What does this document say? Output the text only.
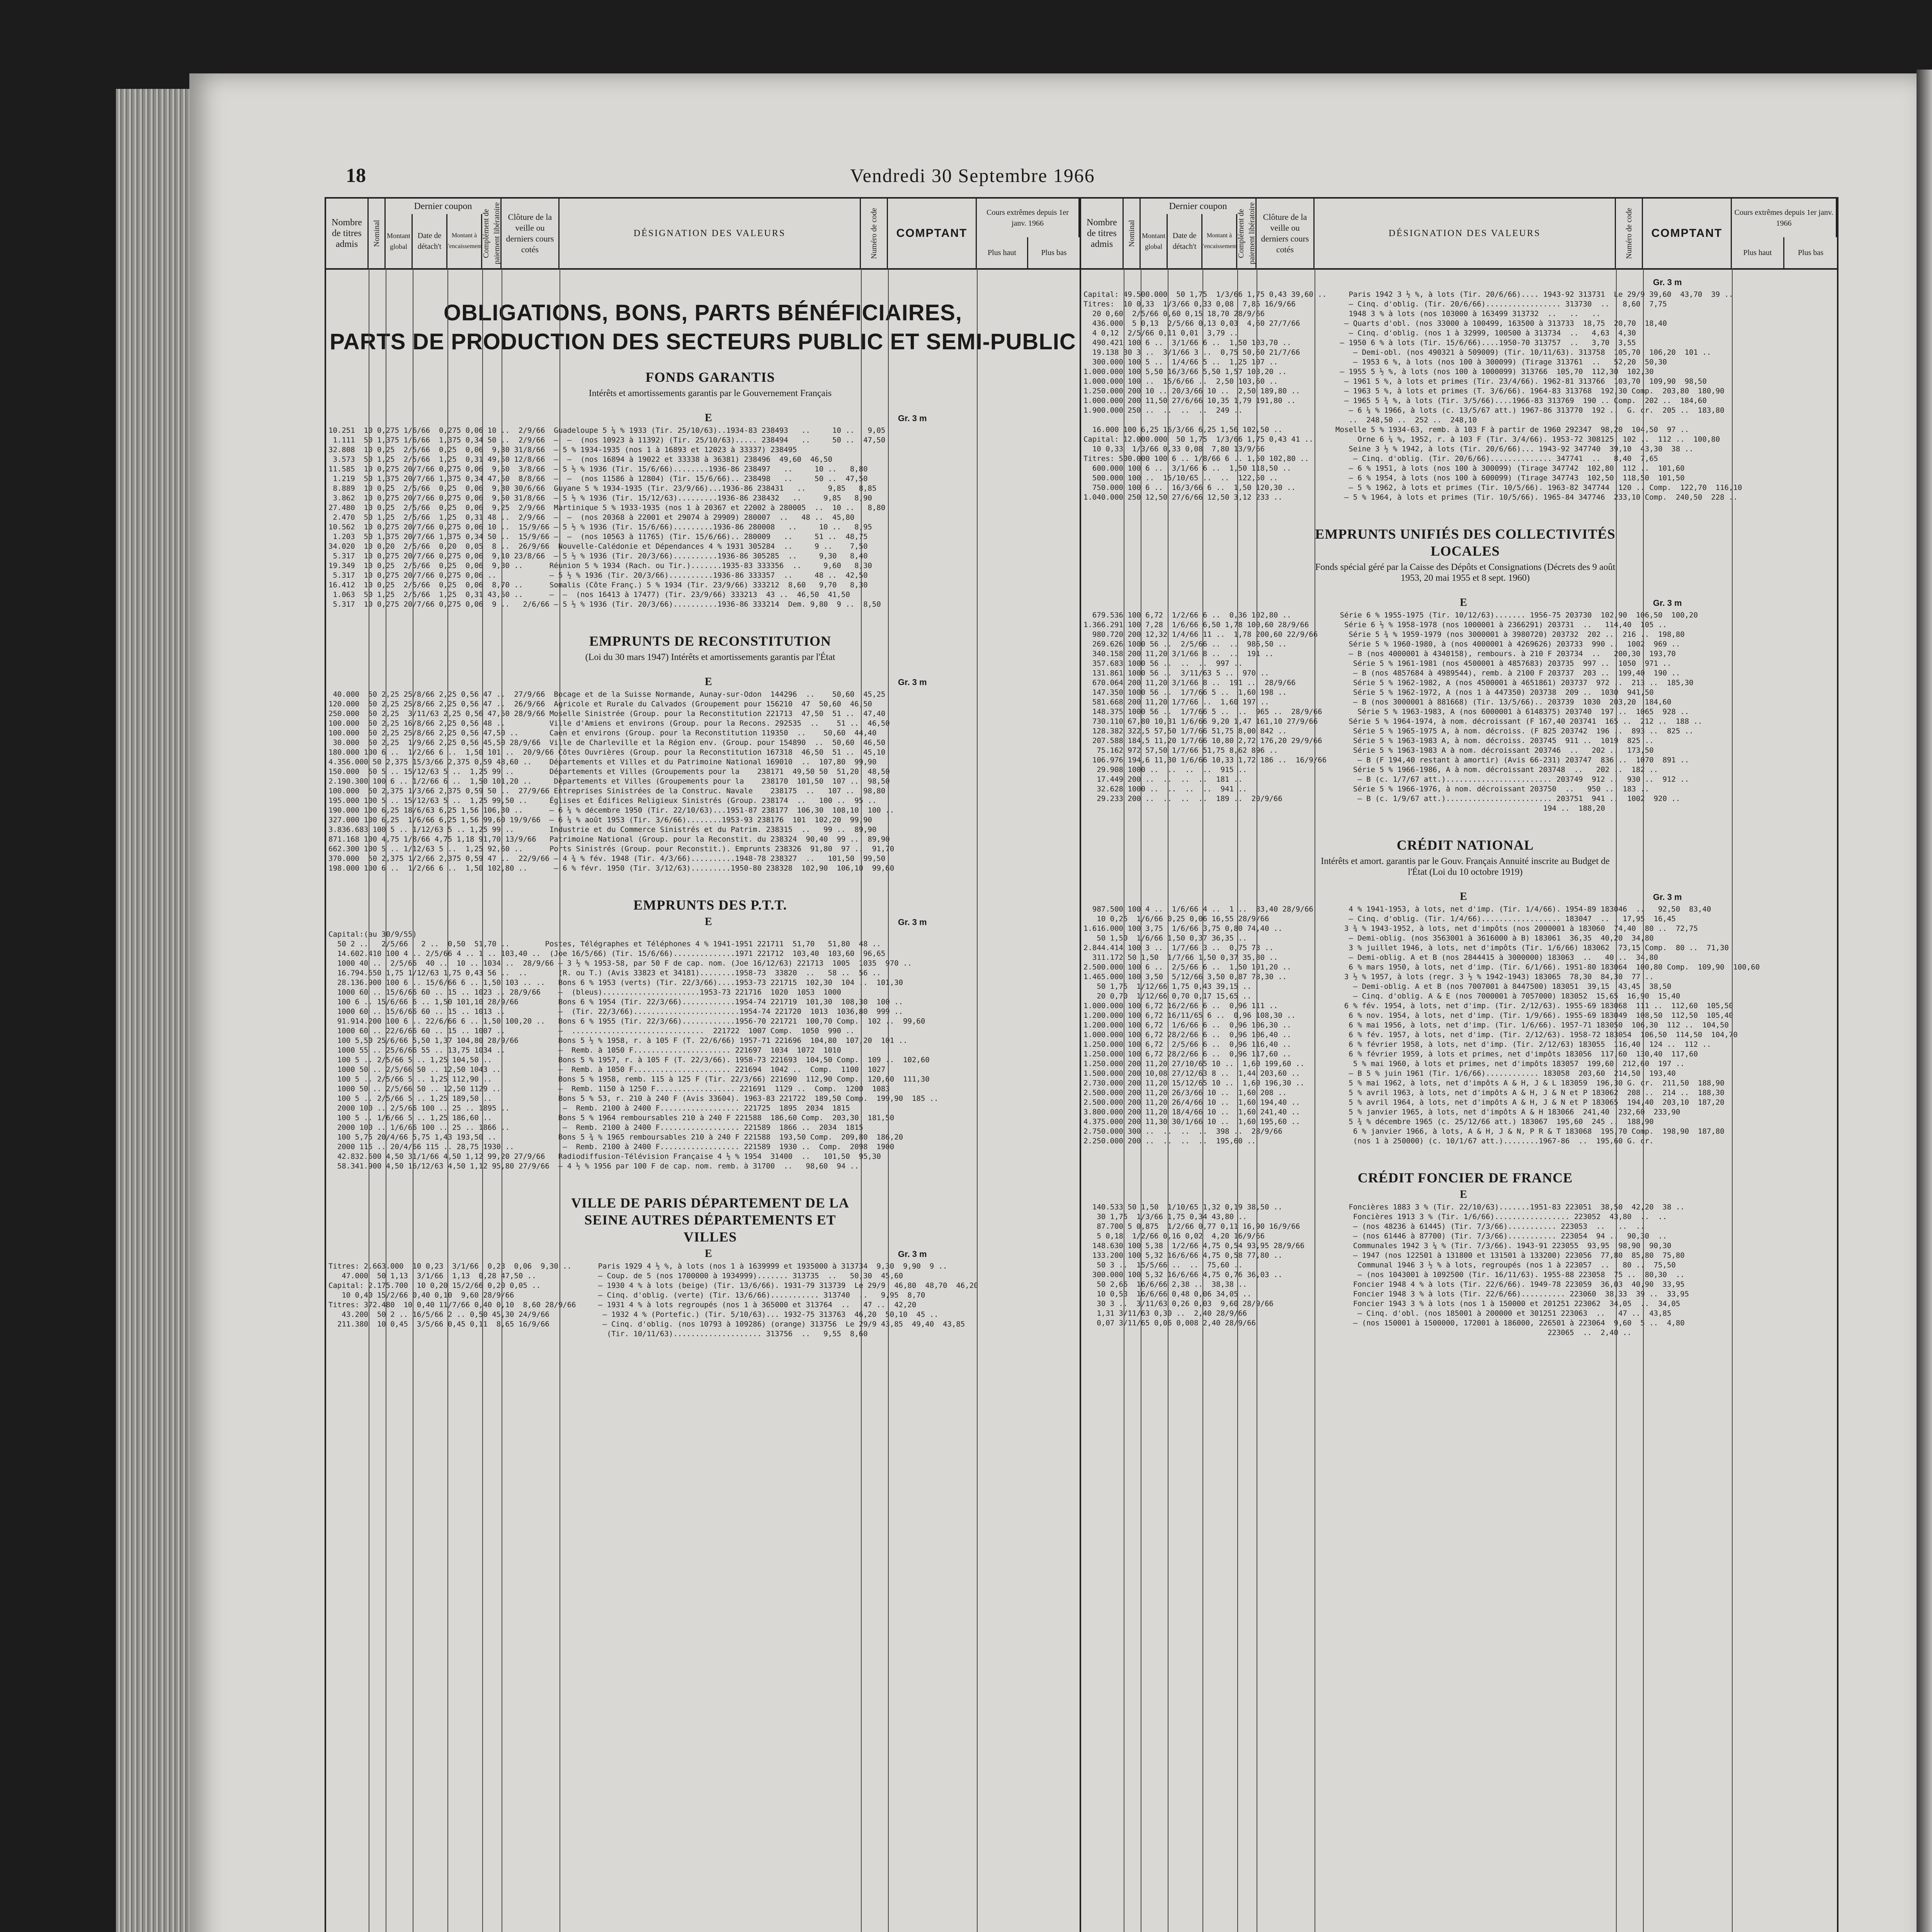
18	Vendredi 30 Septembre 1966
Nombre de titres admis	Nominal
Dernier coupon
Montant global
Date de détach't
Montant à l'encaissement
Complément de paiement libératoire Clôture de la veille ou derniers cours cotés
DÉSIGNATION DES VALEURS	Numéro de code	COMPTANT
Cours extrêmes depuis 1er janv. 1966
Plus haut	Plus bas
OBLIGATIONS, BONS, PARTS BÉNÉFICIAIRES,
PARTS DE PRODUCTION DES SECTEURS PUBLIC ET SEMI-PUBLIC
FONDS GARANTIS
Intérêts et amortissements garantis par le Gouvernement Français
E	Gr. 3 m
10.251  10 0,275 1/6/66  0,275 0,06 10 ..  2/9/66  Guadeloupe 5 ¼ % 1933 (Tir. 25/10/63)..1934-83 238493   ..     10 ..   9,05
1.111  50 1,375 1/6/66  1,375 0,34 50 ..  2/9/66  —  —  (nos 10923 à 11392) (Tir. 25/10/63)..... 238494   ..     50 ..  47,50
32.808  10 0,25  2/5/66  0,25  0,06  9,30 31/8/66  — 5 % 1934-1935 (nos 1 à 16893 et 12023 à 33337) 238495
3.573  50 1,25  2/5/66  1,25  0,31 49,50 12/8/66  —  —  (nos 16894 à 19022 et 33338 à 36381) 238496  49,60  46,50
11.585  10 0,275 20/7/66 0,275 0,06  9,50  3/8/66  — 5 ½ % 1936 (Tir. 15/6/66)........1936-86 238497   ..     10 ..   8,80
1.219  50 1,375 20/7/66 1,375 0,34 47,50  8/8/66  —  —  (nos 11586 à 12804) (Tir. 15/6/66).. 238498   ..     50 ..  47,50
8.889  10 0,25  2/5/66  0,25  0,06  9,30 30/6/66  Guyane 5 % 1934-1935 (Tir. 23/9/66)...1936-86 238431   ..     9,85   8,85
3.862  10 0,275 20/7/66 0,275 0,06  9,50 31/8/66  — 5 ½ % 1936 (Tir. 15/12/63).........1936-86 238432   ..     9,85   8,90
27.480  10 0,25  2/5/66  0,25  0,06  9,25  2/9/66  Martinique 5 % 1933-1935 (nos 1 à 20367 et 22002 à 280005  ..  10 ..   8,80
2.470  50 1,25  2/5/66  1,25  0,31 48 ..  2/9/66  —  —  (nos 20368 à 22001 et 29074 à 29909) 280007  ..   48 ..  45,80
10.562  10 0,275 20/7/66 0,275 0,06 10 ..  15/9/66 — 5 ½ % 1936 (Tir. 15/6/66).........1936-86 280008   ..     10 ..   8,95
1.203  50 1,375 20/7/66 1,375 0,34 50 ..  15/9/66 —  —  (nos 10563 à 11765) (Tir. 15/6/66).. 280009   ..     51 ..  48,75
34.020  10 0,20  2/5/66  0,20  0,05  8 ..  26/9/66  Nouvelle-Calédonie et Dépendances 4 % 1931 305284  ..     9 ..    7,50
5.317  10 0,275 20/7/66 0,275 0,06  9,10 23/8/66  — 5 ½ % 1936 (Tir. 20/3/66)..........1936-86 305285  ..     9,30   8,40
19.349  10 0,25  2/5/66  0,25  0,06  9,30 ..      Réunion 5 % 1934 (Rach. ou Tir.).......1935-83 333356  ..     9,60   8,30
5.317  10 0,275 20/7/66 0,275 0,06 ..            — 5 ½ % 1936 (Tir. 20/3/66)..........1936-86 333357  ..     48 ..  42,50
16.412  10 0,25  2/5/66  0,25  0,06  8,70 ..      Somalis (Côte Franç.) 5 % 1934 (Tir. 23/9/66) 333212  8,60   9,70   8,30
1.063  50 1,25  2/5/66  1,25  0,31 43,50 ..      —  —  (nos 16413 à 17477) (Tir. 23/9/66) 333213  43 ..  46,50  41,50
5.317  10 0,275 20/7/66 0,275 0,06  9 ..   2/6/66 — 5 ½ % 1936 (Tir. 20/3/66)..........1936-86 333214  Dem. 9,80  9 ..  8,50
EMPRUNTS DE RECONSTITUTION
(Loi du 30 mars 1947) Intérêts et amortissements garantis par l'État
E	Gr. 3 m
40.000  50 2,25 25/8/66 2,25 0,56 47 ..  27/9/66  Bocage et de la Suisse Normande, Aunay-sur-Odon  144296  ..    50,60  45,25
120.000  50 2,25 25/8/66 2,25 0,56 47 ..  26/9/66  Agricole et Rurale du Calvados (Groupement pour 156210  47  50,60  46,50
250.000  50 2,25  3/11/63 2,25 0,56 47,50 28/9/66 Moselle Sinistrée (Group. pour la Reconstitution 221713  47,50  51 ..  47,40
100.000  50 2,25 16/8/66 2,25 0,56 48 ..          Ville d'Amiens et environs (Group. pour la Recons. 292535  ..    51 ..  46,50
100.000  50 2,25 25/8/66 2,25 0,56 47,50 ..       Caen et environs (Group. pour la Reconstitution 119350  ..    50,60  44,40
30.000  50 2,25  1/9/66 2,25 0,56 45,50 28/9/66  Ville de Charleville et la Région env. (Group. pour 154890  ..  50,60  46,50
180.000 100 6 ..  1/2/66 6 ..  1,50 101 ..  20/9/66 Côtes Ouvrières (Group. pour la Reconstitution 167318  46,50  51 ..  45,10
4.356.000 50 2,375 15/3/66 2,375 0,59 48,60 ..    Départements et Villes et du Patrimoine National 169010  ..  107,80  99,90
150.000  50 5 .. 15/12/63 5 ..  1,25 99 ..        Départements et Villes (Groupements pour la    238171  49,50 50  51,20  48,50
2.190.300 100 6 .. 1/2/66 6 ..  1,50 101,20 ..     Départements et Villes (Groupements pour la    238170  101,50  107 ..  98,50
100.000  50 2,375 1/3/66 2,375 0,59 50 ..  27/9/66 Entreprises Sinistrées de la Construc. Navale    238175  ..   107 ..  98,80
195.000 100 5 .. 15/12/63 5 ..  1,25 99,50 ..     Églises et Édifices Religieux Sinistrés (Group. 238174  ..   100 ..  95 ..
190.000 100 6,25 18/6/63 6,25 1,56 106,30 ..      — 6 ¼ % décembre 1950 (Tir. 22/10/63)...1951-87 238177  106,30  108,10  100 ..
327.000 100 6,25  1/6/66 6,25 1,56 99,60 19/9/66  — 6 ¼ % août 1953 (Tir. 3/6/66)........1953-93 238176  101  102,20  99,90
3.836.683 100 5 .. 1/12/63 5 .. 1,25 99 ..        Industrie et du Commerce Sinistrés et du Patrim. 238315  ..   99 ..  89,90
871.168 100 4,75 1/8/66 4,75 1,18 91,70 13/9/66   Patrimoine National (Group. pour la Reconstit. du 238324  90,40  99 ..  89,90
662.300 100 5 .. 1/12/63 5 ..  1,25 92,60 ..      Ports Sinistrés (Group. pour Reconstit.). Emprunts 238326  91,80  97 ..  91,70
370.000  50 2,375 1/2/66 2,375 0,59 47 ..  22/9/66 — 4 ¾ % fév. 1948 (Tir. 4/3/66)..........1948-78 238327  ..   101,50  99,50
198.000 100 6 ..  1/2/66 6 ..  1,50 102,80 ..      — 6 % févr. 1950 (Tir. 3/12/63).........1950-80 238328  102,90  106,10  99,60
EMPRUNTS DES P.T.T.
E	Gr. 3 m
Capital:(au 30/9/55)
50 2 ..   2/5/66   2 ..  0,50  51,70 ..        Postes, Télégraphes et Téléphones 4 % 1941-1951 221711  51,70   51,80  48 ..
14.602.410 100 4 .. 2/5/66 4 .. 1 .. 103,40 ..  (Joe 16/5/66) (Tir. 15/6/66)..............1971 221712  103,40  103,60  96,65
1000 40 ..  2/5/66  40 ..  10 .. 1034 ..  28/9/66 — 3 ½ % 1953-58, par 50 F de cap. nom. (Joe 16/12/63) 221713  1005  1035  970 ..
16.794.550 1,75 1/12/63 1,75 0,43 56 ..  ..       (R. ou T.) (Avis 33823 et 34181)........1958-73  33820  ..   58 ..  56 ..
28.136.900 100 6 .. 15/6/66 6 .. 1,50 103 .. ..   Bons 6 % 1953 (verts) (Tir. 22/3/66)....1953-73 221715  102,30  104 ..  101,30
1000 60 .. 15/6/66 60 .. 15 .. 1023 .. 28/9/66    —  (bleus)......................1953-73 221716  1020  1053  1000
100 6 .. 15/6/66 6 .. 1,50 101,10 28/9/66         Bons 6 % 1954 (Tir. 22/3/66)............1954-74 221719  101,30  108,30  100 ..
1000 60 .. 15/6/66 60 .. 15 .. 1013 ..            —  (Tir. 22/3/66)........................1954-74 221720  1013  1036,80  999 ..
91.914.200 100 6 .. 22/6/66 6 .. 1,50 100,20 ..   Bons 6 % 1955 (Tir. 22/3/66)............1956-70 221721  100,70 Comp.  102 ..  99,60
1000 60 .. 22/6/66 60 .. 15 .. 1007 ..            —  ..............................  221722  1007 Comp.  1050  990 ..
100 5,50 25/6/66 5,50 1,37 104,80 28/9/66         Bons 5 ½ % 1958, r. à 105 F (T. 22/6/66) 1957-71 221696  104,80  107,20  101 ..
1000 55 .. 25/6/66 55 .. 13,75 1034 ..            —  Remb. à 1050 F...................... 221697  1034  1072  1010
100 5 .. 2/5/66 5 .. 1,25 104,50 ..               Bons 5 % 1957, r. à 105 F (T. 22/3/66). 1958-73 221693  104,50 Comp.  109 ..  102,60
1000 50 .. 2/5/66 50 .. 12,50 1043 ..             —  Remb. à 1050 F...................... 221694  1042 ..  Comp.  1100  1027
100 5 .. 2/5/66 5 .. 1,25 112,90 ..               Bons 5 % 1958, remb. 115 à 125 F (Tir. 22/3/66) 221690  112,90 Comp.  120,60  111,30
1000 50 .. 2/5/66 50 .. 12,50 1129 ..             —  Remb. 1150 à 1250 F.................. 221691  1129 ..  Comp.  1200  1083
100 5 .. 2/5/66 5 .. 1,25 189,50 ..               Bons 5 % 53, r. 210 à 240 F (Avis 33604). 1963-83 221722  189,50 Comp.  199,90  185 ..
2000 100 .. 2/5/66 100 .. 25 .. 1895 ..            —  Remb. 2100 à 2400 F.................. 221725  1895  2034  1815
100 5 .. 1/6/66 5 .. 1,25 186,60 ..               Bons 5 % 1964 remboursables 210 à 240 F 221588  186,60 Comp.  203,30  181,50
2000 100 .. 1/6/66 100 .. 25 .. 1866 ..            —  Remb. 2100 à 2400 F.................. 221589  1866 ..  2034  1815
100 5,75 20/4/66 5,75 1,43 193,50 ..              Bons 5 ¾ % 1965 remboursables 210 à 240 F 221588  193,50 Comp.  209,80  186,20
2000 115 .. 20/4/66 115 .. 28,75 1930 ..           —  Remb. 2100 à 2400 F.................. 221589  1930 ..  Comp.  2098  1900
42.832.600 4,50 31/1/66 4,50 1,12 99,20 27/9/66   Radiodiffusion-Télévision Française 4 ½ % 1954  31400  ..   101,50  95,30
58.341.900 4,50 16/12/63 4,50 1,12 95,80 27/9/66  — 4 ½ % 1956 par 100 F de cap. nom. remb. à 31700  ..   98,60  94 ..
VILLE DE PARIS DÉPARTEMENT DE LA SEINE AUTRES DÉPARTEMENTS ET VILLES
E	Gr. 3 m
Titres: 2.663.000  10 0,23  3/1/66  0,23  0,06  9,30 ..      Paris 1929 4 ½ %, à lots (nos 1 à 1639999 et 1935000 à 313734  9,30  9,90  9 ..
47.000  50 1,13  3/1/66  1,13  0,28 47,50 ..              — Coup. de 5 (nos 1700000 à 1934999)....... 313735  ..   50,30  45,60
Capital: 2.175.700  10 0,20 15/2/66 0,20 0,05 ..             — 1930 4 % à lots (beige) (Tir. 13/6/66). 1931-79 313739  Le 29/9  46,80  48,70  46,20
10 0,40 15/2/66 0,40 0,10  9,60 28/9/66                   — Cinq. d'oblig. (verte) (Tir. 13/6/66)........... 313740  ..   9,95  8,70
Titres: 372.480  10 0,40 11/7/66 0,40 0,10  8,60 28/9/66     — 1931 4 % à lots regroupés (nos 1 à 365000 et 313764  ..   47 ..  42,20
43.200  50 2 .. 16/5/66 2 .. 0,50 45,30 24/9/66            — 1932 4 % (Portefic.) (Tir. 5/10/63)... 1932-75 313763  46,20  50,10  45 ..
211.380  10 0,45  3/5/66 0,45 0,11  8,65 16/9/66            — Cinq. d'oblig. (nos 10793 à 109286) (orange) 313756  Le 29/9 43,85  49,40  43,85
(Tir. 10/11/63).................... 313756  ..   9,55  8,60
Nombre de titres admis	Nominal
Dernier coupon
Montant global
Date de détach't
Montant à l'encaissement
Complément de paiement libératoire Clôture de la veille ou derniers cours cotés
DÉSIGNATION DES VALEURS	Numéro de code	COMPTANT
Cours extrêmes depuis 1er janv. 1966
Plus haut	Plus bas
Gr. 3 m
Capital: 49.500.000  50 1,75  1/3/66 1,75 0,43 39,60 ..     Paris 1942 3 ½ %, à lots (Tir. 20/6/66).... 1943-92 313731  Le 29/9 39,60  43,70  39 ..
Titres:  10 0,33  1/3/66 0,33 0,08  7,85 16/9/66            — Cinq. d'oblig. (Tir. 20/6/66)................. 313730  ..   8,60  7,75
20 0,60  2/5/66 0,60 0,15 18,70 28/9/66                   1948 3 % à lots (nos 103000 à 163499 313732  ..   ..   ..
436.000  5 0,13  2/5/66 0,13 0,03  4,60 27/7/66          — Quarts d'obl. (nos 33000 à 100499, 163500 à 313733  18,75  20,70  18,40
4 0,12  2/5/66 0,11 0,01  3,79 ..                         — Cinq. d'oblig. (nos 1 à 32999, 100500 à 313734  ..   4,63  4,30
490.421 100 6 ..  3/1/66 6 ..  1,50 103,70 ..           — 1950 6 % à lots (Tir. 15/6/66)....1950-70 313757  ..   3,70  3,55
19.138 30 3 ..  3/1/66 3 ..  0,75 50,60 21/7/66            — Demi-obl. (nos 490321 à 509009) (Tir. 10/11/63). 313758  105,70  106,20  101 ..
300.000 100 5 ..  1/4/66 5 ..  1,25 107 ..                 — 1953 6 %, à lots (nos 100 à 300099) (Tirage 313761  ..   52,20  50,30
1.000.000 100 5,50 16/3/66 5,50 1,57 103,20 ..            — 1955 5 ½ %, à lots (nos 100 à 1000099) 313766  105,70  112,30  102,30
1.000.000 100 ..  15/6/66 ..  2,50 103,60 ..               — 1961 5 %, à lots et primes (Tir. 23/4/66). 1962-81 313766  103,70  109,90  98,50
1.250.000 200 10 .. 20/3/66 10 ..  2,50 189,80 ..          — 1963 5 %, à lots et primes (T. 3/6/66). 1964-83 313768  192,30 Comp.  203,80  180,90
1.000.000 200 11,50 27/6/66 10,35 1,79 191,80 ..           — 1965 5 ¾ %, à lots (Tir. 3/5/66)....1966-83 313769  190 .. Comp.  202 ..  184,60
1.900.000 250 ..  ..  ..  ..  249 ..                        — 6 ¼ % 1966, à lots (c. 13/5/67 att.) 1967-86 313770  192 ..  G. cr.  205 ..  183,80
..  248,50 ..  252 ..  248,10
16.000 100 6,25 16/3/66 6,25 1,56 102,50 ..            Moselle 5 % 1934-63, remb. à 103 F à partir de 1960 292347  98,20  104,50  97 ..
Capital: 12.000.000  50 1,75  1/3/66 1,75 0,43 41 ..          Orne 6 ¼ %, 1952, r. à 103 F (Tir. 3/4/66). 1953-72 308125  102 ..  112 ..  100,80
10 0,33  1/3/66 0,33 0,08  7,80 13/9/66                   Seine 3 ½ % 1942, à lots (Tir. 20/6/66)... 1943-92 347740  39,10  43,30  38 ..
Titres: 500.000 100 6 .. 1/8/66 6 .. 1,50 102,80 ..          — Cinq. d'oblig. (Tir. 20/6/66).............. 347741  ..   8,40  7,65
600.000 100 6 ..  3/1/66 6 ..  1,50 118,50 ..             — 6 % 1951, à lots (nos 100 à 300099) (Tirage 347742  102,80  112 ..  101,60
500.000 100 ..  15/10/65 ..  ..  122,50 ..                — 6 % 1954, à lots (nos 100 à 600099) (Tirage 347743  102,50  118,50  101,50
750.000 100 6 ..  16/3/66 6 ..  1,50 120,30 ..            — 5 % 1962, à lots et primes (Tir. 10/5/66). 1963-82 347744  120 .. Comp.  122,70  116,10
1.040.000 250 12,50 27/6/66 12,50 3,12 233 ..              — 5 % 1964, à lots et primes (Tir. 10/5/66). 1965-84 347746  233,10 Comp.  240,50  228 ..
EMPRUNTS UNIFIÉS DES COLLECTIVITÉS LOCALES
Fonds spécial géré par la Caisse des Dépôts et Consignations (Décrets des 9 août 1953, 20 mai 1955 et 8 sept. 1960)
E	Gr. 3 m
679.536 100 6,72  1/2/66 6 ..  0,36 102,80 ..           Série 6 % 1955-1975 (Tir. 10/12/63)....... 1956-75 203730  102,90  106,50  100,20
1.366.291 100 7,28  1/6/66 6,50 1,78 100,60 28/9/66        Série 6 ½ % 1958-1978 (nos 1000001 à 2366291) 203731  ..   114,40  105 ..
980.720 200 12,32 1/4/66 11 ..  1,78 200,60 22/9/66       Série 5 ¾ % 1959-1979 (nos 3000001 à 3980720) 203732  202 ..  216 ..  198,80
269.626 1000 56 ..  2/5/66 ..  ..  986,50 ..              Série 5 % 1960-1980, à (nos 4000001 à 4269626) 203733  990 ..  1002  969 ..
340.158 200 11,20 3/1/66 8 ..  ..  191 ..                 — B (nos 4000001 à 4340158), rembours. à 210 F 203734  ..   200,30  193,70
357.683 1000 56 ..  ..  ..  997 ..                         Série 5 % 1961-1981 (nos 4500001 à 4857683) 203735  997 ..  1050  971 ..
131.861 1000 56 ..  3/11/63 5 ..  970 ..                   — B (nos 4857684 à 4989544), remb. à 2100 F 203737  203 ..  199,40  190 ..
670.064 200 11,20 3/1/66 8 ..  191 ..  28/9/66             Série 5 % 1962-1982, A (nos 4500001 à 4651861) 203737  972 ..  213 ..  185,30
147.350 1000 56 ..  1/7/66 5 ..  1,60 198 ..               Série 5 % 1962-1972, A (nos 1 à 447350) 203738  209 ..  1030  941,50
581.668 200 11,20 1/7/66 ..  1,60 197 ..                   — B (nos 3000001 à 881668) (Tir. 13/5/66).. 203739  1030  203,20  184,60
148.375 1000 56 ..  1/7/66 5 ..  ..  965 ..  28/9/66        Série 5 % 1963-1983, A (nos 6000001 à 6148375) 203740  197 ..  1065  928 ..
730.110 67,80 10,31 1/6/66 9,20 1,47 161,10 27/9/66       Série 5 % 1964-1974, à nom. décroissant (F 167,40 203741  165 ..  212 ..  188 ..
128.382 322,5 57,50 1/7/66 51,75 8,00 842 ..               Série 5 % 1965-1975 A, à nom. décroiss. (F 825 203742  196 ..  893 ..  825 ..
207.588 184,5 11,20 1/7/66 10,80 2,72 176,20 29/9/66       Série 5 % 1963-1983 A, à nom. décroiss. 203745  911 ..  1019  825 ..
75.162 972 57,50 1/7/66 51,75 8,62 896 ..                 Série 5 % 1963-1983 A à nom. décroissant 203746  ..   202 ..  173,50
106.976 194,6 11,30 1/6/66 10,33 1,72 186 ..  16/9/66       — B (F 194,40 restant à amortir) (Avis 66-231) 203747  836 ..  1070  891 ..
29.908 1000 ..  ..  ..  ..  915 ..                        Série 5 % 1966-1986, A à nom. décroissant 203748  ..   202 ..  182 ..
17.449 200 ..  ..  ..  ..  181 ..                          — B (c. 1/7/67 att.)........................ 203749  912 ..  930 ..  912 ..
32.628 1000 ..  ..  ..  ..  941 ..                        Série 5 % 1966-1976, à nom. décroissant 203750  ..   950 ..  183 ..
29.233 200 ..  ..  ..  ..  189 ..  20/9/66                 — B (c. 1/9/67 att.)........................ 203751  941 ..  1002  920 ..
194 ..  188,20
CRÉDIT NATIONAL
Intérêts et amort. garantis par le Gouv. Français Annuité inscrite au Budget de l'État (Loi du 10 octobre 1919)
E	Gr. 3 m
987.500 100 4 ..  1/6/66 4 ..  1 ..  83,40 28/9/66        4 % 1941-1953, à lots, net d'imp. (Tir. 1/4/66). 1954-89 183046  ..   92,50  83,40
10 0,25  1/6/66 0,25 0,06 16,55 28/9/66                  — Cinq. d'oblig. (Tir. 1/4/66).................. 183047  ..   17,95  16,45
1.616.000 100 3,75  1/6/66 3,75 0,80 74,40 ..              3 ¾ % 1943-1952, à lots, net d'impôts (nos 2000001 à 183060  74,40  80 ..  72,75
50 1,50  1/6/66 1,50 0,37 36,35 ..                       — Demi-oblig. (nos 3563001 à 3616000 à B) 183061  36,35  40,20  34,80
2.844.414 100 3 ..  1/7/66 3 ..  0,75 73 ..                 3 % juillet 1946, à lots, net d'impôts (Tir. 1/6/66) 183062  73,15 Comp.  80 ..  71,30
311.172 50 1,50  1/7/66 1,50 0,37 35,80 ..                — Demi-oblig. A et B (nos 2844415 à 3000000) 183063  ..   40 ..  34,80
2.500.000 100 6 ..  2/5/66 6 ..  1,50 101,20 ..             6 % mars 1950, à lots, net d'imp. (Tir. 6/1/66). 1951-80 183064  100,80 Comp.  109,90  100,60
1.465.000 100 3,50  5/12/66 3,50 0,87 78,30 ..             3 ½ % 1957, à lots (regr. 3 ½ % 1942-1943) 183065  78,30  84,30  77 ..
50 1,75  1/12/66 1,75 0,43 39,15 ..                       — Demi-oblig. A et B (nos 7007001 à 8447500) 183051  39,15  43,45  38,50
20 0,70  1/12/66 0,70 0,17 15,65 ..                       — Cinq. d'oblig. A & E (nos 7000001 à 7057000) 183052  15,65  16,90  15,40
1.000.000 100 6,72 16/2/66 6 ..  0,96 111 ..               6 % fév. 1954, à lots, net d'imp. (Tir. 2/12/63). 1955-69 183068  111 ..  112,60  105,50
1.200.000 100 6,72 16/11/65 6 ..  0,96 108,30 ..            6 % nov. 1954, à lots, net d'imp. (Tir. 1/9/66). 1955-69 183049  108,50  112,50  105,40
1.200.000 100 6,72  1/6/66 6 ..  0,96 106,30 ..             6 % mai 1956, à lots, net d'imp. (Tir. 1/6/66). 1957-71 183050  106,30  112 ..  104,50
1.000.000 100 6,72 28/2/66 6 ..  0,96 106,40 ..             6 % fév. 1957, à lots, net d'imp. (Tir. 2/12/63). 1958-72 183054  106,50  114,50  104,70
1.250.000 100 6,72  2/5/66 6 ..  0,96 116,40 ..             6 % février 1958, à lots, net d'imp. (Tir. 2/12/63) 183055  116,40  124 ..  112 ..
1.250.000 100 6,72 28/2/66 6 ..  0,96 117,60 ..             6 % février 1959, à lots et primes, net d'impôts 183056  117,60  130,40  117,60
1.250.000 200 11,20 27/10/65 10 ..  1,60 199,60 ..           5 % mai 1960, à lots et primes, net d'impôts 183057  199,60  212,60  197 ..
1.500.000 200 10,08 27/12/63 8 ..  1,44 203,60 ..           — B 5 % juin 1961 (Tir. 1/6/66)............ 183058  203,60  214,50  193,40
2.730.000 200 11,20 15/12/65 10 ..  1,60 196,30 ..          5 % mai 1962, à lots, net d'impôts A & H, J & L 183059  196,30 G. cr.  211,50  188,90
2.500.000 200 11,20 26/3/66 10 ..  1,60 208 ..              5 % avril 1963, à lots, net d'impôts A & H, J & N et P 183062  208 ..  214 ..  188,30
2.500.000 200 11,20 26/4/66 10 ..  1,60 194,40 ..           5 % avril 1964, à lots, net d'impôts A & H, J & N et P 183065  194,40  203,10  187,20
3.800.000 200 11,20 18/4/66 10 ..  1,60 241,40 ..           5 % janvier 1965, à lots, net d'impôts A & H 183066  241,40  232,60  233,90
4.375.000 200 11,30 30/1/66 10 ..  1,60 195,60 ..           5 ¾ % décembre 1965 (c. 25/12/66 att.) 183067  195,60  245 ..  188,90
2.750.000 300 ..  ..  ..  ..  398 ..  28/9/66                6 % janvier 1966, à lots, A & H, J & N, P R & T 183068  195,70 Comp.  198,90  187,80
2.250.000 200 ..  ..  ..  ..  195,60 ..                      (nos 1 à 250000) (c. 10/1/67 att.)........1967-86  ..  195,60 G. cr.
CRÉDIT FONCIER DE FRANCE
E
140.533 50 1,50  1/10/65 1,32 0,19 38,50 ..               Foncières 1883 3 % (Tir. 22/10/63).......1951-83 223051  38,50  42,20  38 ..
30 1,75  1/3/66 1,75 0,34 43,80 ..                        Foncières 1913 3 % (Tir. 1/6/66)................. 223052  43,80  ..  ..
87.700 5 0,875  1/2/66 0,77 0,11 16,90 16/9/66            — (nos 48236 à 61445) (Tir. 7/3/66)........... 223053  ..   ..  ..
5 0,18  1/2/66 0,16 0,02  4,20 16/9/66                    — (nos 61446 à 87700) (Tir. 7/3/66)........... 223054  94 ..  90,30  ..
148.630 100 5,38  1/2/66 4,75 0,54 93,95 28/9/66           Communales 1942 3 ¼ % (Tir. 7/3/66). 1943-91 223055  93,95  98,90  90,30
133.200 100 5,32 16/6/66 4,75 0,58 77,80 ..                — 1947 (nos 122501 à 131800 et 131501 à 133200) 223056  77,80  85,80  75,80
50 3 ..  15/5/66 ..  ..  75,60 ..                          Communal 1946 3 ½ % à lots, regroupés (nos 1 à 223057  ..   80 ..  75,50
300.000 100 5,32 16/6/66 4,75 0,76 36,03 ..                 — (nos 1043001 à 1092500 (Tir. 16/11/63). 1955-88 223058  75 ..  80,30  ..
50 2,66  16/6/66 2,38 ..  38,38 ..                        Foncier 1948 4 % à lots (Tir. 22/6/66). 1949-78 223059  36,03  40,90  33,95
10 0,53  16/6/66 0,48 0,06 34,05 ..                       Foncier 1948 3 % à lots (Tir. 22/6/66).......... 223060  38,33  39 ..  33,95
30 3 ..  3/11/63 0,26 0,03  9,60 28/9/66                  Foncier 1943 3 % à lots (nos 1 à 150000 et 201251 223062  34,05  ..  34,05
1,31 3/11/63 0,30 ..  2,40 28/9/66                         — Cinq. d'obl. (nos 185001 à 200000 et 301251 223063  ..   47 ..  43,85
0,07 3/11/65 0,06 0,008 2,40 28/9/66                      — (nos 150001 à 1500000, 172001 à 186000, 226501 à 223064  9,60  5 ..  4,80
223065  ..  2,40 ..
